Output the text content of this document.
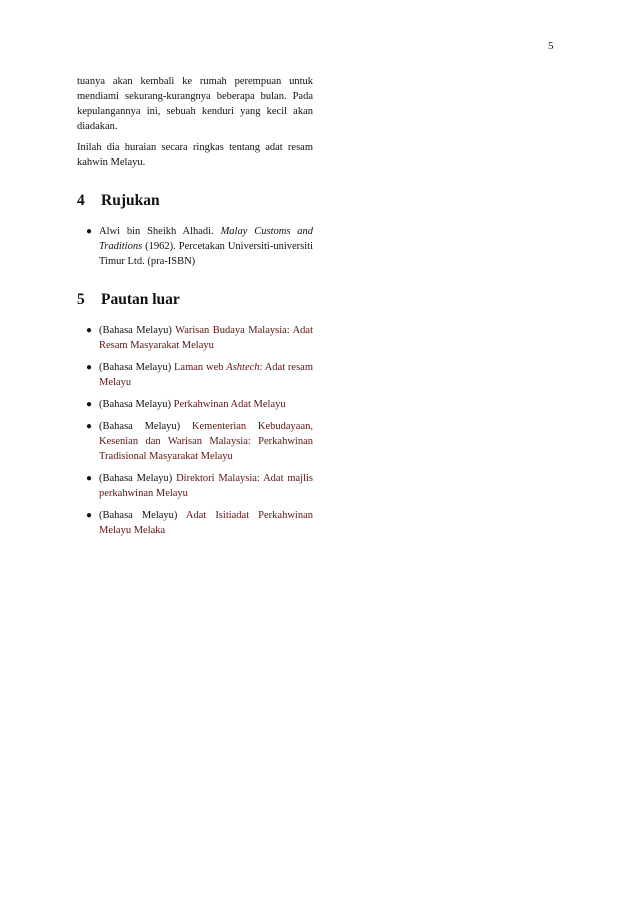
5

tuanya akan kembali ke rumah perempuan untuk mendiami sekurang-kurangnya beberapa bulan. Pada kepulangannya ini, sebuah kenduri yang kecil akan diadakan.

Inilah dia huraian secara ringkas tentang adat resam kahwin Melayu.

4	Rujukan
● Alwi bin Sheikh Alhadi. Malay Customs and Traditions (1962). Percetakan Universiti-universiti Timur Ltd. (pra-ISBN)
5	Pautan luar
● (Bahasa Melayu) Warisan Budaya Malaysia: Adat Resam Masyarakat Melayu
● (Bahasa Melayu) Laman web Ashtech: Adat resam Melayu
● (Bahasa Melayu) Perkahwinan Adat Melayu
● (Bahasa Melayu) Kementerian Kebudayaan, Kesenian dan Warisan Malaysia: Perkahwinan Tradisional Masyarakat Melayu
● (Bahasa Melayu) Direktori Malaysia: Adat majlis perkahwinan Melayu
● (Bahasa Melayu) Adat Isitiadat Perkahwinan Melayu Melaka
